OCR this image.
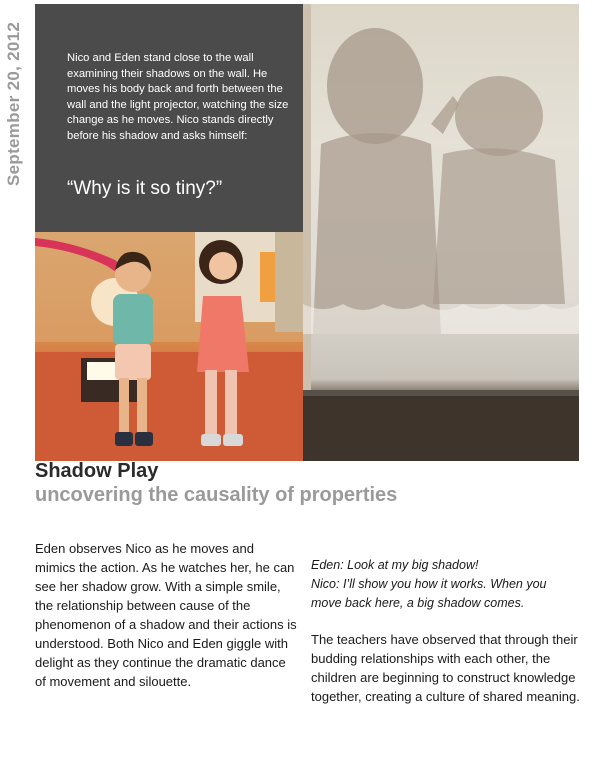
September 20, 2012	Nico and Eden stand close to the wall examining their shadows on the wall. He moves his body back and forth between the wall and the light projector, watching the size change as he moves. Nico stands directly before his shadow and asks himself:
“Why is it so tiny?”
Shadow Play
uncovering the causality of properties
Eden observes Nico as he moves and mimics the action. As he watches her, he can see her shadow grow. With a simple smile, the relationship between cause of the phenomenon of a shadow and their actions is understood. Both Nico and Eden giggle with delight as they continue the dramatic dance of movement and silouette.
Eden: Look at my big shadow!
Nico: I’ll show you how it works. When you
move back here, a big shadow comes.
The teachers have observed that through their budding relationships with each other, the children are beginning to construct knowledge together, creating a culture of shared meaning.
